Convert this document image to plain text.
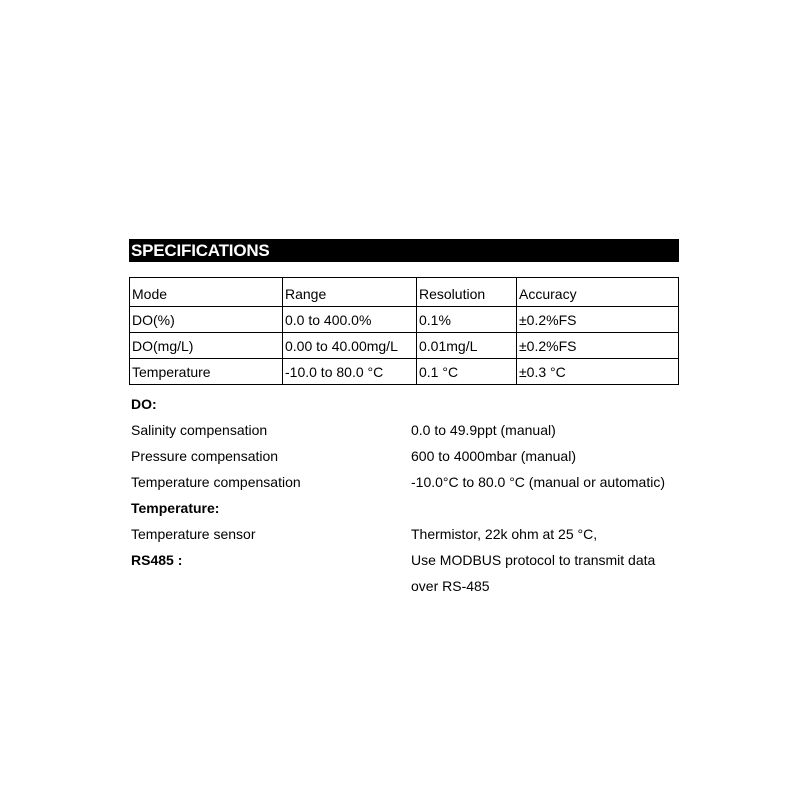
SPECIFICATIONS
Mode	Range	Resolution	Accuracy
DO(%)	0.0 to 400.0%	0.1%	±0.2%FS
DO(mg/L)	0.00 to 40.00mg/L	0.01mg/L	±0.2%FS
Temperature	-10.0 to 80.0 °C	0.1 °C	±0.3 °C
DO:
Salinity compensation	0.0 to 49.9ppt (manual)
Pressure compensation	600 to 4000mbar (manual)
Temperature compensation	-10.0°C to 80.0 °C (manual or automatic)
Temperature:
Temperature sensor	Thermistor, 22k ohm at 25 °C,
RS485 :	Use MODBUS protocol to transmit data
over RS-485
